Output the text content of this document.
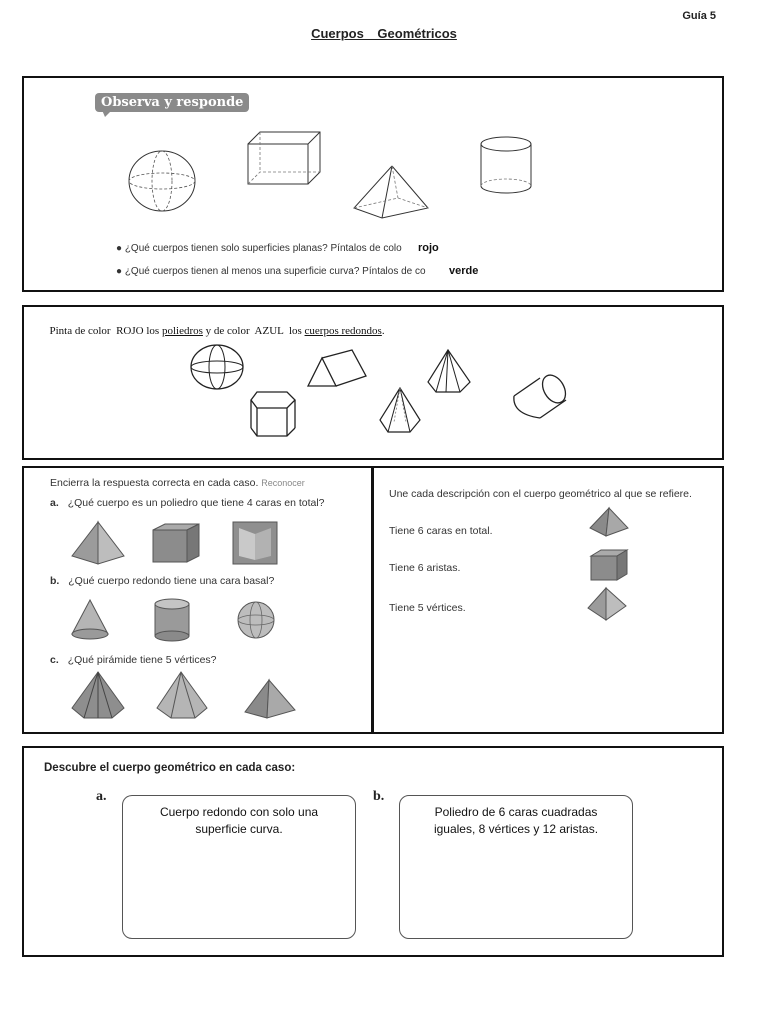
Guía 5
Cuerpos Geométricos
Observa y responde
● ¿Qué cuerpos tienen solo superficies planas? Píntalos de colo rojo
● ¿Qué cuerpos tienen al menos una superficie curva? Píntalos de co verde

Pinta de color  ROJO los poliedros y de color  AZUL  los cuerpos redondos.

Encierra la respuesta correcta en cada caso. Reconocer
a. ¿Qué cuerpo es un poliedro que tiene 4 caras en total?
b. ¿Qué cuerpo redondo tiene una cara basal?
c. ¿Qué pirámide tiene 5 vértices?
Une cada descripción con el cuerpo geométrico al que se refiere.
Tiene 6 caras en total.
Tiene 6 aristas.
Tiene 5 vértices.
Descubre el cuerpo geométrico en cada caso:
a.
Cuerpo redondo con solo una superficie curva.
b.
Poliedro de 6 caras cuadradas iguales, 8 vértices y 12 aristas.
